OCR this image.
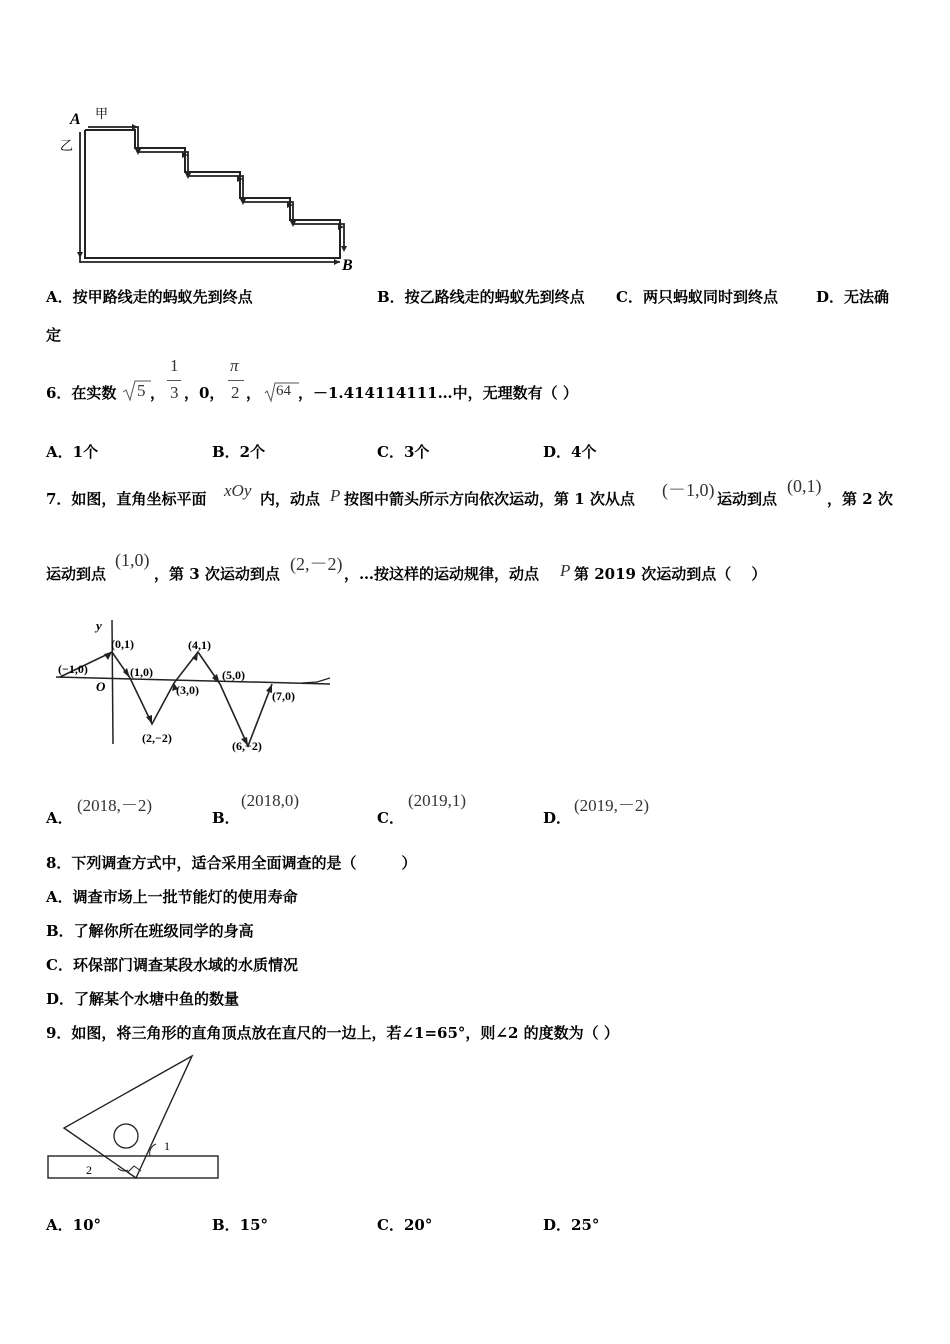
A 甲
乙
B
A．按甲路线走的蚂蚁先到终点	B．按乙路线走的蚂蚁先到终点 C．两只蚂蚁同时到终点	D．无法确
定
6．在实数 5 ，
1
3 ，0，
π
2 ， 64 ，－1.414114111…中，无理数有（ ）
A．1个	B．2个	C．3个	D．4个
7．如图，直角坐标平面 xOy 内，动点 P 按图中箭头所示方向依次运动，第 1 次从点 (－1,0) 运动到点
(0,1)
，第 2 次
运动到点
(1,0)
，第 3 次运动到点 (2,－2) ，…按这样的运动规律，动点 P 第 2019 次运动到点（　 ）
y
O
(−1,0)
(0,1)
(1,0)
(2,−2)
(3,0)
(4,1)
(5,0)
(6,−2)
(7,0)
A．
(2018,－2)
B．
(2018,0)
C．
(2019,1)
D．
(2019,－2)
8．下列调查方式中，适合采用全面调查的是（　　　）
A．调查市场上一批节能灯的使用寿命
B．了解你所在班级同学的身高
C．环保部门调查某段水域的水质情况
D．了解某个水塘中鱼的数量
9．如图，将三角形的直角顶点放在直尺的一边上，若∠1=65°，则∠2 的度数为（ ）
1
2
A．10°	B．15°	C．20°	D．25°
